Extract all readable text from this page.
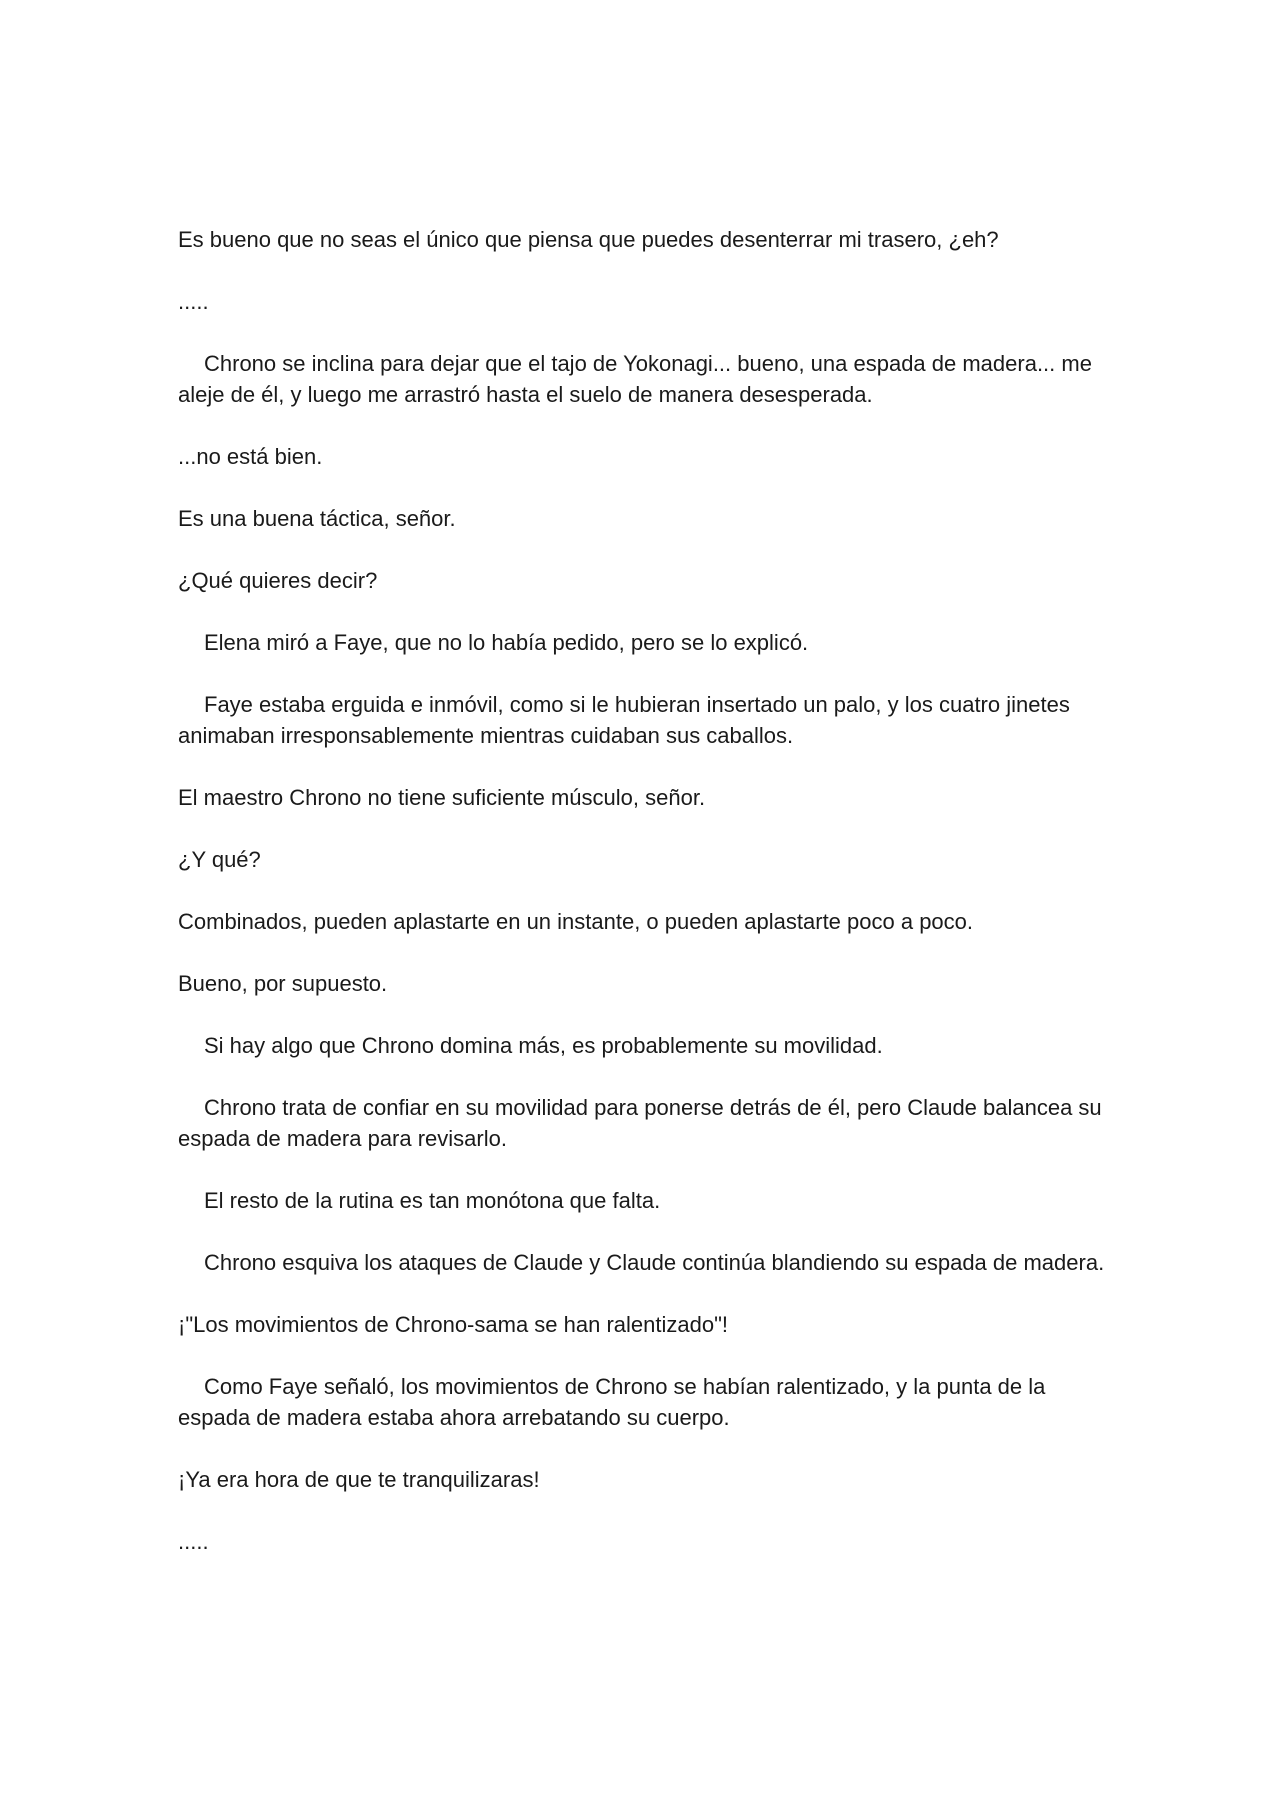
Es bueno que no seas el único que piensa que puedes desenterrar mi trasero, ¿eh?

.....

Chrono se inclina para dejar que el tajo de Yokonagi... bueno, una espada de madera... me aleje de él, y luego me arrastró hasta el suelo de manera desesperada.

...no está bien.

Es una buena táctica, señor.

¿Qué quieres decir?

Elena miró a Faye, que no lo había pedido, pero se lo explicó.

Faye estaba erguida e inmóvil, como si le hubieran insertado un palo, y los cuatro jinetes animaban irresponsablemente mientras cuidaban sus caballos.

El maestro Chrono no tiene suficiente músculo, señor.

¿Y qué?

Combinados, pueden aplastarte en un instante, o pueden aplastarte poco a poco.

Bueno, por supuesto.

Si hay algo que Chrono domina más, es probablemente su movilidad.

Chrono trata de confiar en su movilidad para ponerse detrás de él, pero Claude balancea su espada de madera para revisarlo.

El resto de la rutina es tan monótona que falta.

Chrono esquiva los ataques de Claude y Claude continúa blandiendo su espada de madera.

¡"Los movimientos de Chrono-sama se han ralentizado"!

Como Faye señaló, los movimientos de Chrono se habían ralentizado, y la punta de la espada de madera estaba ahora arrebatando su cuerpo.

¡Ya era hora de que te tranquilizaras!

.....
